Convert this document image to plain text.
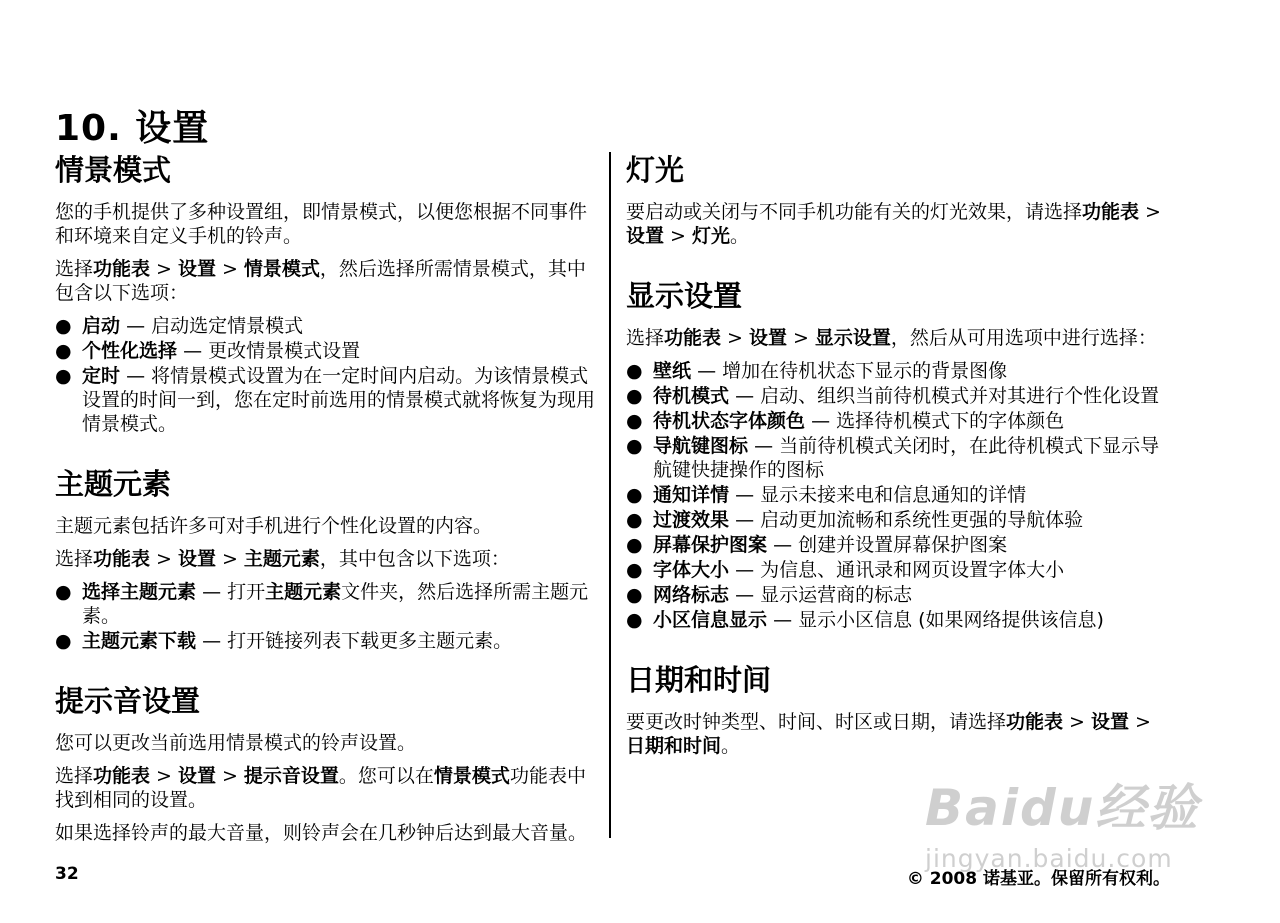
10. 设置
情景模式

您的手机提供了多种设置组，即情景模式，以便您根据不同事件和环境来自定义手机的铃声。

选择功能表 > 设置 > 情景模式，然后选择所需情景模式，其中包含以下选项：

● 启动 — 启动选定情景模式
● 个性化选择 — 更改情景模式设置
● 定时 — 将情景模式设置为在一定时间内启动。为该情景模式设置的时间一到，您在定时前选用的情景模式就将恢复为现用情景模式。
主题元素

主题元素包括许多可对手机进行个性化设置的内容。

选择功能表 > 设置 > 主题元素，其中包含以下选项：

● 选择主题元素 — 打开主题元素文件夹，然后选择所需主题元素。
● 主题元素下载 — 打开链接列表下载更多主题元素。
提示音设置

您可以更改当前选用情景模式的铃声设置。

选择功能表 > 设置 > 提示音设置。您可以在情景模式功能表中找到相同的设置。

如果选择铃声的最大音量，则铃声会在几秒钟后达到最大音量。

灯光

要启动或关闭与不同手机功能有关的灯光效果，请选择功能表 >设置 > 灯光。

显示设置

选择功能表 > 设置 > 显示设置，然后从可用选项中进行选择：

● 壁纸 — 增加在待机状态下显示的背景图像
● 待机模式 — 启动、组织当前待机模式并对其进行个性化设置
● 待机状态字体颜色 — 选择待机模式下的字体颜色
● 导航键图标 — 当前待机模式关闭时，在此待机模式下显示导航键快捷操作的图标
● 通知详情 — 显示未接来电和信息通知的详情
● 过渡效果 — 启动更加流畅和系统性更强的导航体验
● 屏幕保护图案 — 创建并设置屏幕保护图案
● 字体大小 — 为信息、通讯录和网页设置字体大小
● 网络标志 — 显示运营商的标志
● 小区信息显示 — 显示小区信息 (如果网络提供该信息)
日期和时间

要更改时钟类型、时间、时区或日期，请选择功能表 > 设置 >日期和时间。

32	© 2008 诺基亚。保留所有权利。
Baidu经验
jingyan.baidu.com
